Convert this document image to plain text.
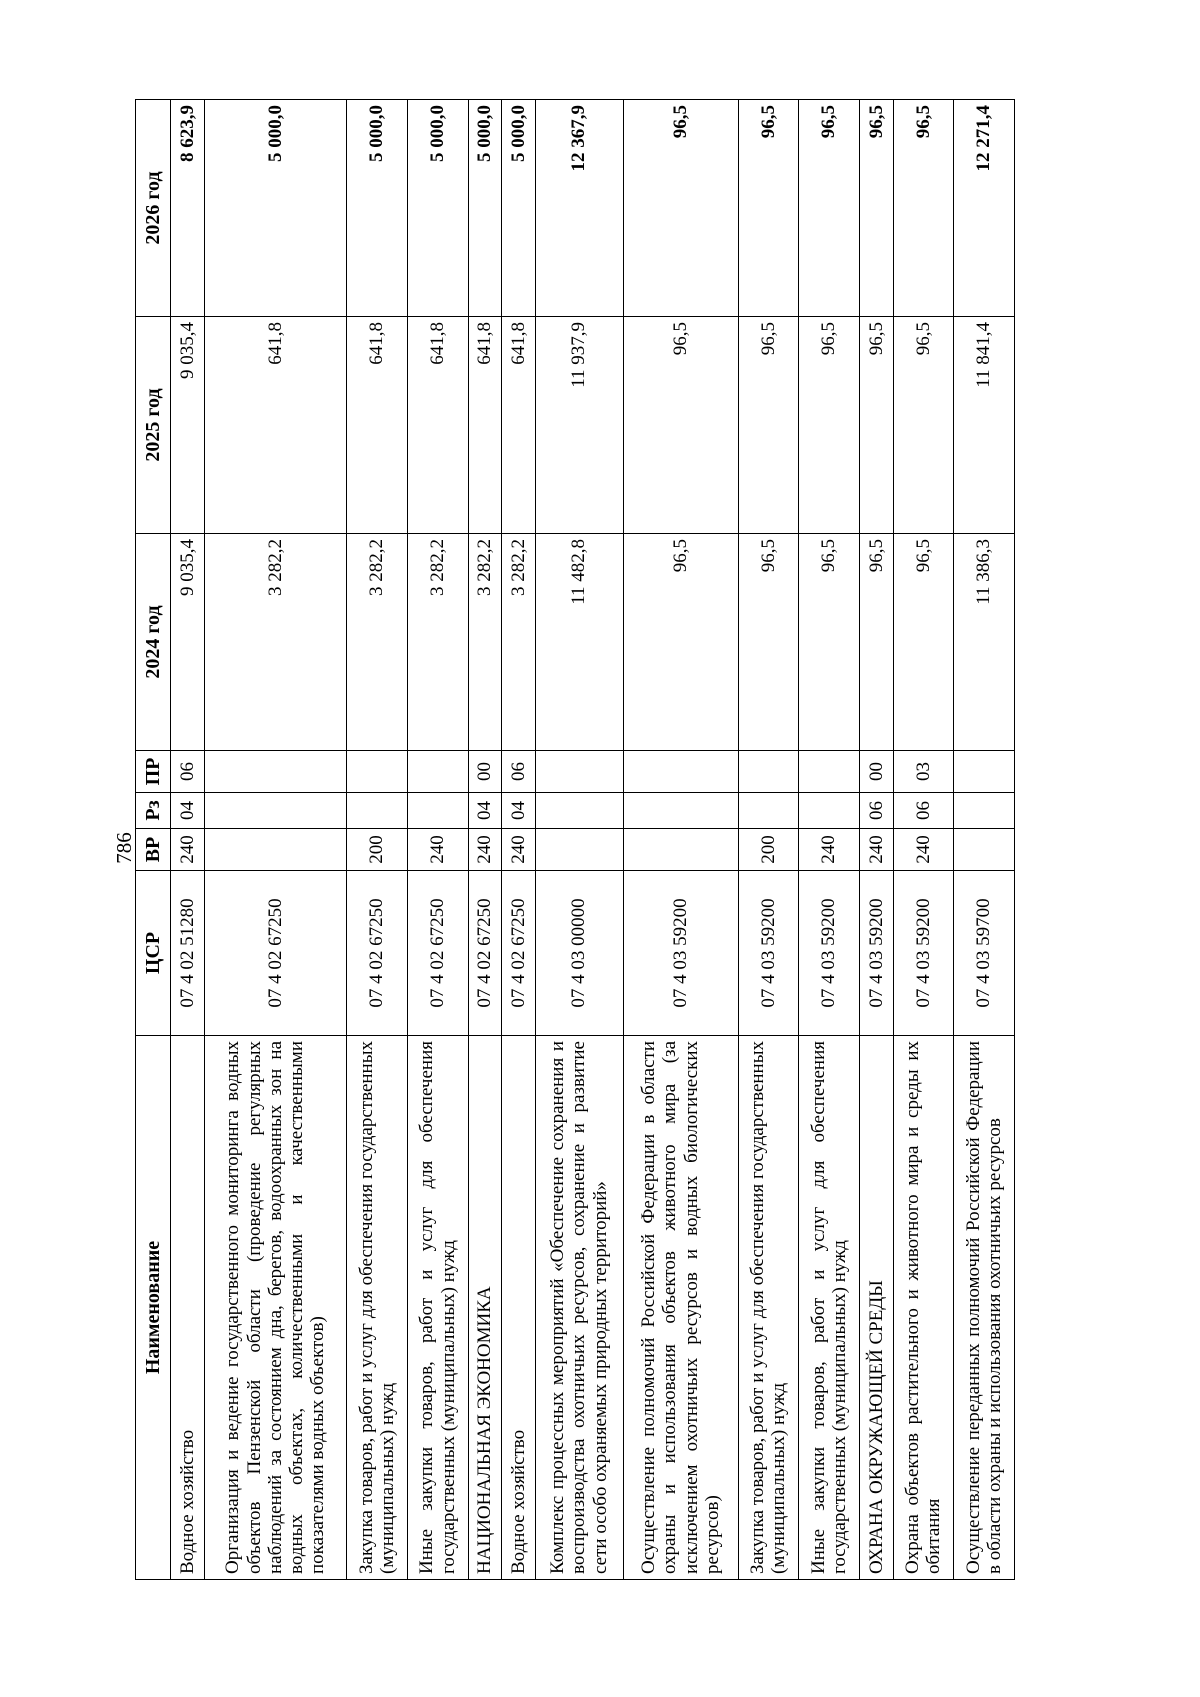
786
Наименование	ЦСР	ВР	Рз	ПР	2024 год	2025 год	2026 год
Водное хозяйство	07 4 02 51280	240	04	06	9 035,4	9 035,4	8 623,9
Организация и ведение государственного мониторинга водных объектов Пензенской области (проведение регулярных наблюдений за состоянием дна, берегов, водоохранных зон на водных объектах, количественными и качественными показателями водных объектов)	07 4 02 67250				3 282,2	641,8	5 000,0
Закупка товаров, работ и услуг для обеспечения государственных (муниципальных) нужд	07 4 02 67250	200			3 282,2	641,8	5 000,0
Иные закупки товаров, работ и услуг для обеспечения государственных (муниципальных) нужд	07 4 02 67250	240			3 282,2	641,8	5 000,0
НАЦИОНАЛЬНАЯ ЭКОНОМИКА	07 4 02 67250	240	04	00	3 282,2	641,8	5 000,0
Водное хозяйство	07 4 02 67250	240	04	06	3 282,2	641,8	5 000,0
Комплекс процессных мероприятий «Обеспечение сохранения и воспроизводства охотничьих ресурсов, сохранение и развитие сети особо охраняемых природных территорий»	07 4 03 00000				11 482,8	11 937,9	12 367,9
Осуществление полномочий Российской Федерации в области охраны и использования объектов животного мира (за исключением охотничьих ресурсов и водных биологических ресурсов)	07 4 03 59200				96,5	96,5	96,5
Закупка товаров, работ и услуг для обеспечения государственных (муниципальных) нужд	07 4 03 59200	200			96,5	96,5	96,5
Иные закупки товаров, работ и услуг для обеспечения государственных (муниципальных) нужд	07 4 03 59200	240			96,5	96,5	96,5
ОХРАНА ОКРУЖАЮЩЕЙ СРЕДЫ	07 4 03 59200	240	06	00	96,5	96,5	96,5
Охрана объектов растительного и животного мира и среды их обитания	07 4 03 59200	240	06	03	96,5	96,5	96,5
Осуществление переданных полномочий Российской Федерации в области охраны и использования охотничьих ресурсов	07 4 03 59700				11 386,3	11 841,4	12 271,4
